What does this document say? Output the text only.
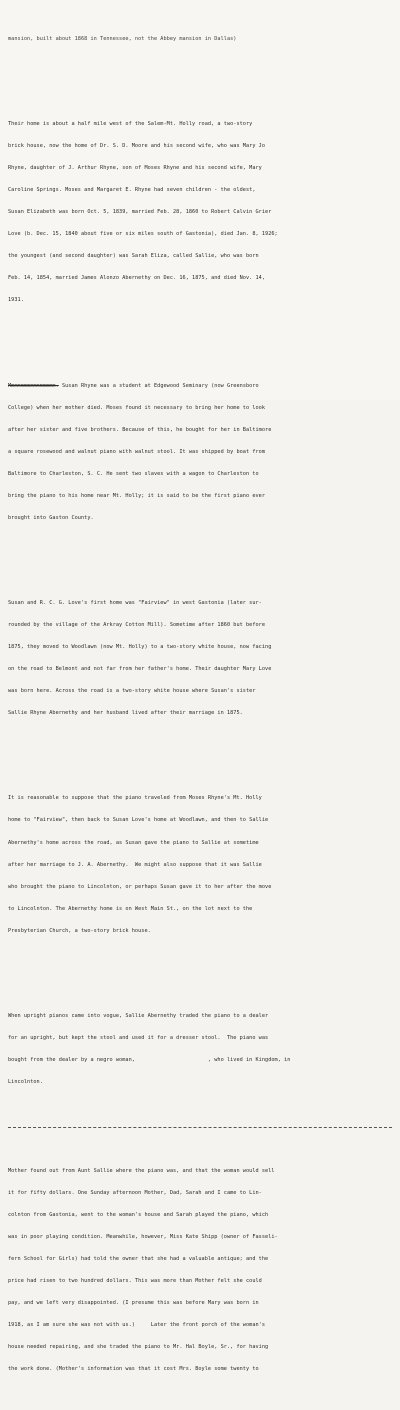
mansion, built about 1868 in Tennessee, not the Abbey mansion in Dallas)

Their home is about a half mile west of the Salem-Mt. Holly road, a two-story

brick house, now the home of Dr. S. D. Moore and his second wife, who was Mary Jo

Rhyne, daughter of J. Arthur Rhyne, son of Moses Rhyne and his second wife, Mary

Caroline Springs. Moses and Margaret E. Rhyne had seven children - the oldest,

Susan Elizabeth was born Oct. 5, 1839, married Feb. 28, 1860 to Robert Calvin Grier

Love (b. Dec. 15, 1840 about five or six miles south of Gastonia), died Jan. 8, 1926;

the youngest (and second daughter) was Sarah Eliza, called Sallie, who was born

Feb. 14, 1854, married James Alonzo Abernethy on Dec. 16, 1875, and died Nov. 14,

1931.

Mmmmmmmmmmmmmmm. Susan Rhyne was a student at Edgewood Seminary (now Greensboro

College) when her mother died. Moses found it necessary to bring her home to look

after her sister and five brothers. Because of this, he bought for her in Baltimore

a square rosewood and walnut piano with walnut stool. It was shipped by boat from

Baltimore to Charleston, S. C. He sent two slaves with a wagon to Charleston to

bring the piano to his home near Mt. Holly; it is said to be the first piano ever

brought into Gaston County.

Susan and R. C. G. Love's first home was "Fairview" in west Gastonia (later sur-

rounded by the village of the Arkray Cotton Mill). Sometime after 1860 but before

1875, they moved to Woodlawn (now Mt. Holly) to a two-story white house, now facing

on the road to Belmont and not far from her father's home. Their daughter Mary Love

was born here. Across the road is a two-story white house where Susan's sister

Sallie Rhyne Abernethy and her husband lived after their marriage in 1875.

It is reasonable to suppose that the piano traveled from Moses Rhyne's Mt. Holly

home to "Fairview", then back to Susan Love's home at Woodlawn, and then to Sallie

Abernethy's home across the road, as Susan gave the piano to Sallie at sometime

after her marriage to J. A. Abernethy.  We might also suppose that it was Sallie

who brought the piano to Lincolnton, or perhaps Susan gave it to her after the move

to Lincolnton. The Abernethy home is on West Main St., on the lot next to the

Presbyterian Church, a two-story brick house.

When upright pianos came into vogue, Sallie Abernethy traded the piano to a dealer

for an upright, but kept the stool and used it for a dresser stool.  The piano was

bought from the dealer by a negro woman,                       , who lived in Kingdom, in

Lincolnton.

Mother found out from Aunt Sallie where the piano was, and that the woman would sell

it for fifty dollars. One Sunday afternoon Mother, Dad, Sarah and I came to Lin-

colnton from Gastonia, went to the woman's house and Sarah played the piano, which

was in poor playing condition. Meanwhile, however, Miss Kate Shipp (owner of Fasseli-

fern School for Girls) had told the owner that she had a valuable antique; and the

price had risen to two hundred dollars. This was more than Mother felt she could

pay, and we left very disappointed. (I presume this was before Mary was born in

1918, as I am sure she was not with us.)     Later the front porch of the woman's

house needed repairing, and she traded the piano to Mr. Hal Boyle, Sr., for having

the work done. (Mother's information was that it cost Mrs. Boyle some twenty to
